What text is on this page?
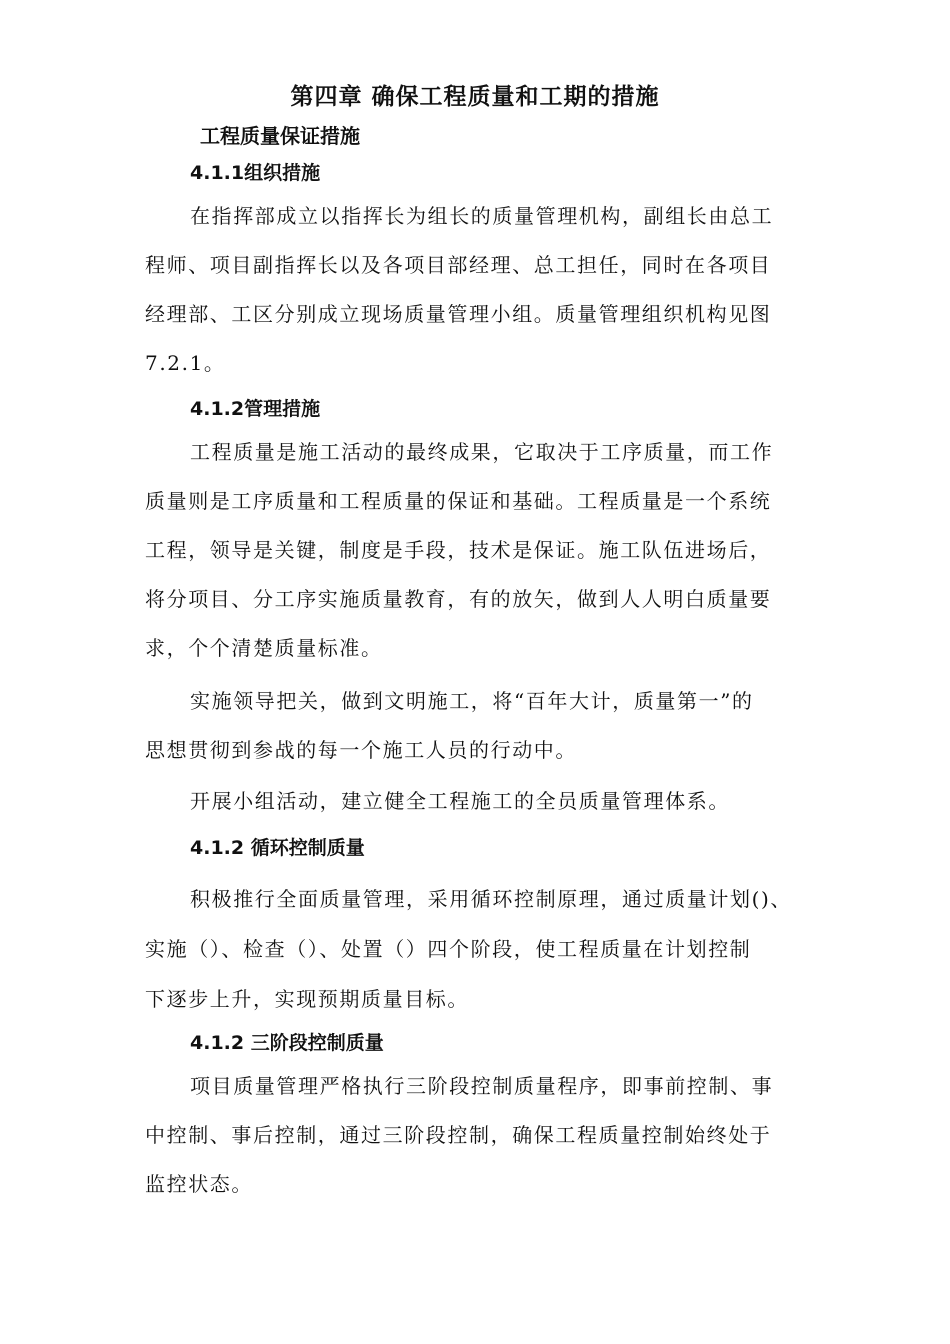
第四章 确保工程质量和工期的措施
工程质量保证措施
4.1.1组织措施

在指挥部成立以指挥长为组长的质量管理机构，副组长由总工

程师、项目副指挥长以及各项目部经理、总工担任，同时在各项目

经理部、工区分别成立现场质量管理小组。质量管理组织机构见图

7.2.1。

4.1.2管理措施

工程质量是施工活动的最终成果，它取决于工序质量，而工作

质量则是工序质量和工程质量的保证和基础。工程质量是一个系统

工程，领导是关键，制度是手段，技术是保证。施工队伍进场后，

将分项目、分工序实施质量教育，有的放矢，做到人人明白质量要

求，个个清楚质量标准。

实施领导把关，做到文明施工，将“百年大计，质量第一”的

思想贯彻到参战的每一个施工人员的行动中。

开展小组活动，建立健全工程施工的全员质量管理体系。

4.1.2 循环控制质量

积极推行全面质量管理，采用循环控制原理，通过质量计划()、

实施（）、检查（）、处置（）四个阶段，使工程质量在计划控制

下逐步上升，实现预期质量目标。

4.1.2 三阶段控制质量

项目质量管理严格执行三阶段控制质量程序，即事前控制、事

中控制、事后控制，通过三阶段控制，确保工程质量控制始终处于

监控状态。
